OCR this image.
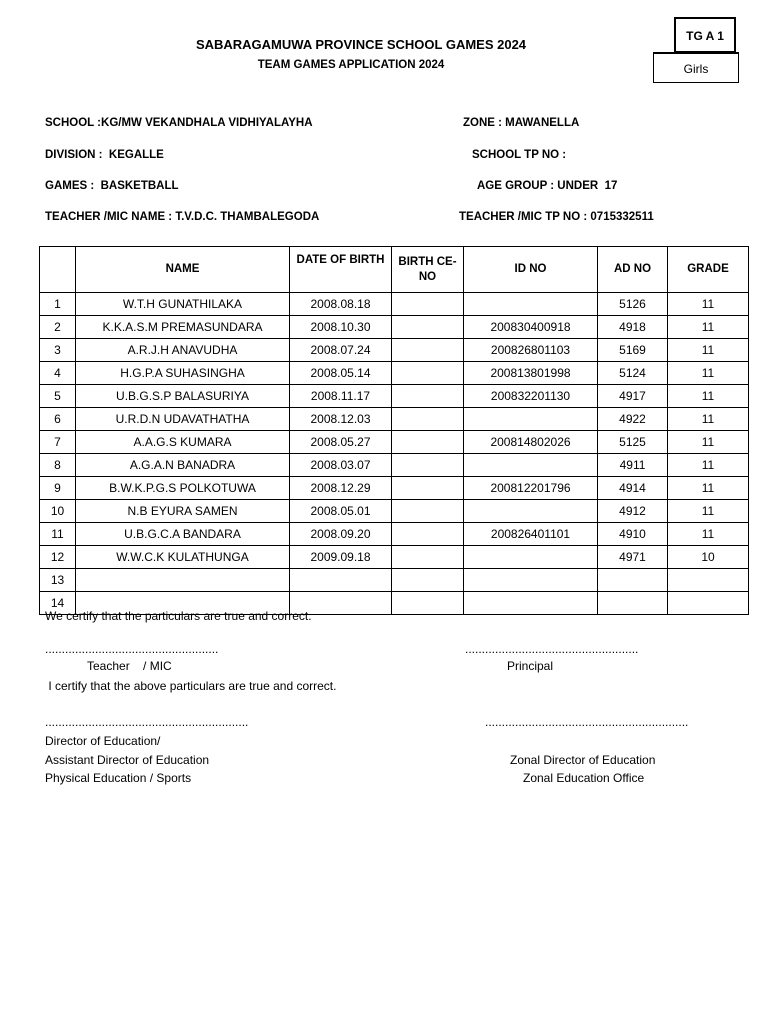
SABARAGAMUWA PROVINCE SCHOOL GAMES 2024
TEAM GAMES APPLICATION 2024
TG A 1
Girls
SCHOOL :KG/MW VEKANDHALA VIDHIYALAYHA	ZONE : MAWANELLA
DIVISION :  KEGALLE	SCHOOL TP NO :
GAMES :  BASKETBALL	AGE GROUP : UNDER  17
TEACHER /MIC NAME : T.V.D.C. THAMBALEGODA	TEACHER /MIC TP NO : 0715332511
	NAME	DATE OF BIRTH	BIRTH CE-NO	ID NO	AD NO	GRADE
1	W.T.H GUNATHILAKA	2008.08.18			5126	11
2	K.K.A.S.M PREMASUNDARA	2008.10.30		200830400918	4918	11
3	A.R.J.H ANAVUDHA	2008.07.24		200826801103	5169	11
4	H.G.P.A SUHASINGHA	2008.05.14		200813801998	5124	11
5	U.B.G.S.P BALASURIYA	2008.11.17		200832201130	4917	11
6	U.R.D.N UDAVATHATHA	2008.12.03			4922	11
7	A.A.G.S KUMARA	2008.05.27		200814802026	5125	11
8	A.G.A.N BANADRA	2008.03.07			4911	11
9	B.W.K.P.G.S POLKOTUWA	2008.12.29		200812201796	4914	11
10	N.B EYURA SAMEN	2008.05.01			4912	11
11	U.B.G.C.A BANDARA	2008.09.20		200826401101	4910	11
12	W.W.C.K KULATHUNGA	2009.09.18			4971	10
13						
14						
We certify that the particulars are true and correct.
....................................................	....................................................
Teacher    / MIC	Principal
I certify that the above particulars are true and correct.
.............................................................	.............................................................
Director of Education/
Assistant Director of Education
Physical Education / Sports
Zonal Director of Education
Zonal Education Office
